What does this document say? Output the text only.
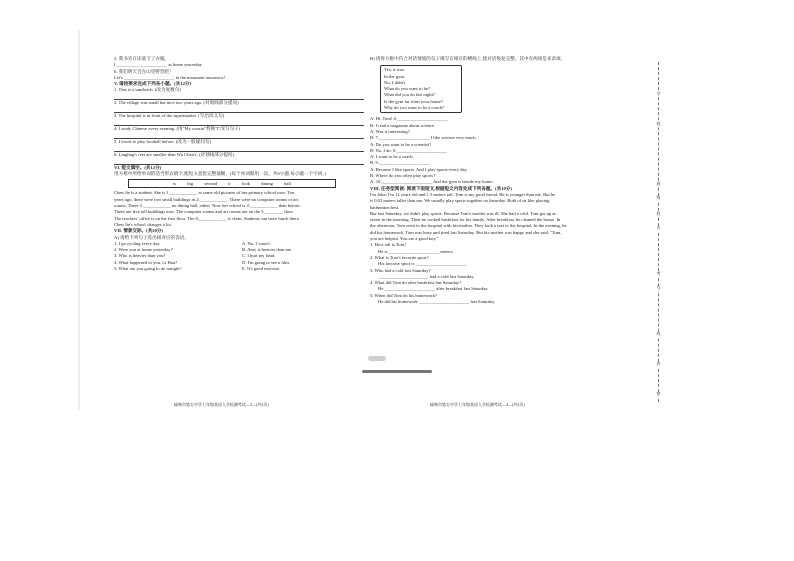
5. 我书夹在床底下了衣服。
I ______________________ at home yesterday.
6. 我们明天会在山里野营吧！
Let's ______________________ in the mountain tomorrow!
V. 请按要求完成下列各小题。(共12分)
1. This is a sandwich. (改为复数句)
2. The village was small but nice two years ago. (对划线部分提问)
3. The hospital is in front of the supermarket. (写出同义句)
4. I study Chinese every evening. (用"My cousin"替换"I"改写句子)
5. I loved to play football before. (改为一般疑问句)
6. Lingling's feet are smaller than Wu Chen's. (对划线部分提问)
VI. 短文填空。(共12分)
用方框中所给单词的适当形式填空,使短文意思完整通顺。(每个单词限用一次。共6小题,每小题一个字词。)
is big second it look dining hall
Chen Jie is a student. She is 1.____________ at some old pictures of her primary school now. Ten
years ago, there were two small buildings in 2.____________. There were no computer rooms or art
rooms. There 3.____________ no dining hall, either. Now her school is 4.____________ than before.
There are five tall buildings now. The computer rooms and art rooms are on the 5.________ floor.
The teachers' office is on the first floor. The 6.____________ is clean. Students can have lunch there.
Chen Jie's school changes a lot.
VII. 情景交际。(共20分)
A) 请给下列句子选出相对应的答语。
1. I go cycling every day.	A. No, I wasn't.
2. Were you at home yesterday?	B. Amy is heavier than me.
3. Who is heavier than you?	C. I hurt my head.
4. What happened to you, Li Hua?	D. I'm going to see a film.
5. What are you going to do tonight?	E. It's good exercise.
榆林市第五中学七年级英语入学检测考试—3—(共4页)
B) 请将方框中符合对话情境的句子填写在相应的横线上,使对话恢复完整。其中有两项是多余项。
Yes, it was.
In the gym.
No, I didn't.
What do you want to be?
What did you do last night?
Is the gym far from your home?
Why do you want to be a coach?
A: Hi, Tom! 6.______________________
B: I read a magazine about science.
A: Was it interesting?
B: 7.______________________ I like science very much.
A: Do you want to be a scientist?
B: No, I do. 8.______________________
A: I want to be a coach.
B: 9.______________________
A: Because I like sports. And I play sports every day.
B: Where do you often play sports?
A: 10.______________________ And the gym is beside my home.
VIII. 任务型阅读: 阅读下面短文,根据短文内容完成下列各题。(共10分)
I'm John. I'm 12 years old and 1.5 meters tall. Tom is my good friend. He is younger than me. But he
is 0.02 meters taller than me. We usually play sports together on Saturday. Both of us like playing
badminton best.
But last Saturday, we didn't play sports. Because Tom's mother was ill. She had a cold. Tom got up at
seven in the morning. Then he cooked breakfast for his family. After breakfast, he cleaned the house. In
the afternoon, Tom went to the hospital with his mother. They took a taxi to the hospital. In the evening, he
did his homework. Tom was busy and tired last Saturday. But his mother was happy and she said, "Tom,
you are helpful. You are a good boy."
1. How tall is Tom?
He is ______________________ meters.
2. What is Tom's favorite sport?
His favorite sport is ______________________.
3. Who had a cold last Saturday?
______________________ had a cold last Saturday.
4. What did Tom do after breakfast last Saturday?
He ______________________ after breakfast last Saturday.
5. When did Tom do his homework?
He did his homework ______________________ last Saturday.
榆林市第五中学七年级英语入学检测考试—4—(共4页)
学
校
班
级
姓
名
考
号
线
封
密
